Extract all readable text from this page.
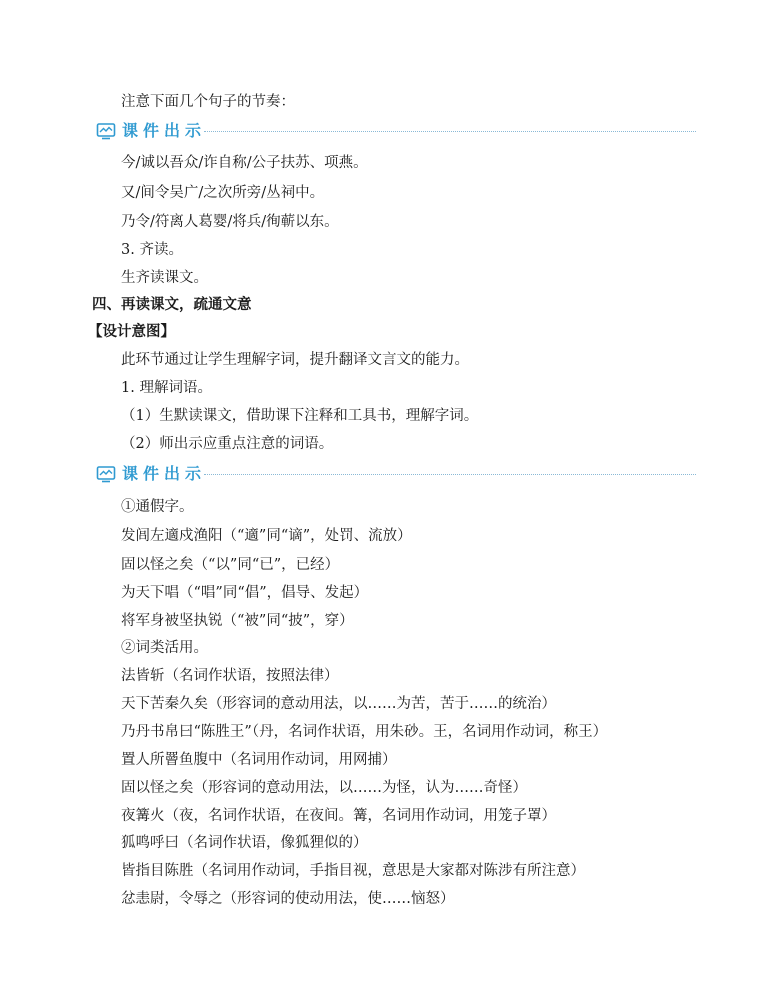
注意下面几个句子的节奏：
课件出示
今/诚以吾众/诈自称/公子扶苏、项燕。
又/间令吴广/之次所旁/丛祠中。
乃令/符离人葛婴/将兵/徇蕲以东。
3. 齐读。
生齐读课文。
四、再读课文，疏通文意
【设计意图】
此环节通过让学生理解字词，提升翻译文言文的能力。
1. 理解词语。
（1）生默读课文，借助课下注释和工具书，理解字词。
（2）师出示应重点注意的词语。
课件出示
①通假字。
发闾左適戍渔阳（“適”同“谪”，处罚、流放）
固以怪之矣（“以”同“已”，已经）
为天下唱（“唱”同“倡”，倡导、发起）
将军身被坚执锐（“被”同“披”，穿）
②词类活用。
法皆斩（名词作状语，按照法律）
天下苦秦久矣（形容词的意动用法，以……为苦，苦于……的统治）
乃丹书帛曰“陈胜王”（丹，名词作状语，用朱砂。王，名词用作动词，称王）
置人所罾鱼腹中（名词用作动词，用网捕）
固以怪之矣（形容词的意动用法，以……为怪，认为……奇怪）
夜篝火（夜，名词作状语，在夜间。篝，名词用作动词，用笼子罩）
狐鸣呼曰（名词作状语，像狐狸似的）
皆指目陈胜（名词用作动词，手指目视，意思是大家都对陈涉有所注意）
忿恚尉，令辱之（形容词的使动用法，使……恼怒）
